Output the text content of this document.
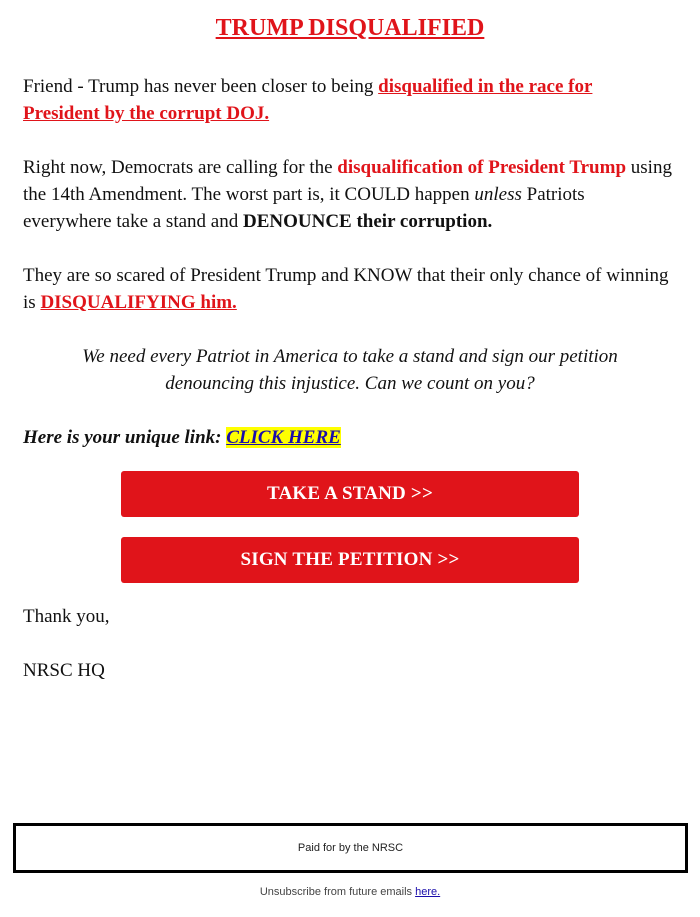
TRUMP DISQUALIFIED

Friend - Trump has never been closer to being disqualified in the race for President by the corrupt DOJ.

Right now, Democrats are calling for the disqualification of President Trump using the 14th Amendment. The worst part is, it COULD happen unless Patriots everywhere take a stand and DENOUNCE their corruption.

They are so scared of President Trump and KNOW that their only chance of winning is DISQUALIFYING him.

We need every Patriot in America to take a stand and sign our petition denouncing this injustice. Can we count on you?

Here is your unique link: CLICK HERE

TAKE A STAND >>
SIGN THE PETITION >>

Thank you,

NRSC HQ

Paid for by the NRSC
Unsubscribe from future emails here.
